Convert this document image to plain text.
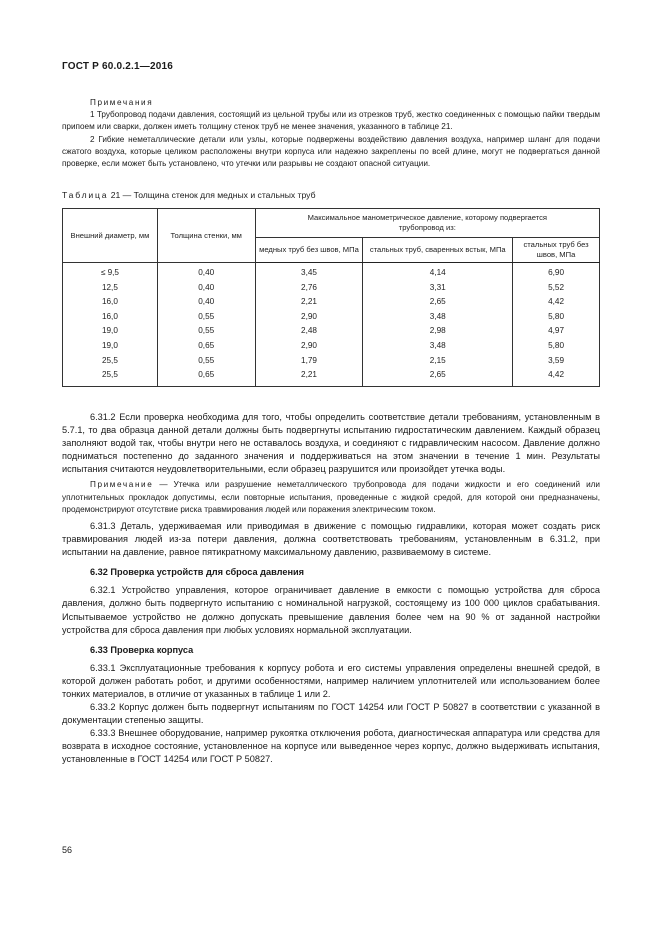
ГОСТ Р 60.0.2.1—2016

Примечания

1 Трубопровод подачи давления, состоящий из цельной трубы или из отрезков труб, жестко соединенных с помощью пайки твердым припоем или сварки, должен иметь толщину стенок труб не менее значения, указанного в таблице 21.

2 Гибкие неметаллические детали или узлы, которые подвержены воздействию давления воздуха, например шланг для подачи сжатого воздуха, которые целиком расположены внутри корпуса или надежно закреплены по всей длине, могут не подвергаться данной проверке, если может быть установлено, что утечки или разрывы не создают опасной ситуации.

Таблица 21 — Толщина стенок для медных и стальных труб
Внешний диаметр, мм	Толщина стенки, мм	Максимальное манометрическое давление, которому подвергается трубопровод из:		
		медных труб без швов, МПа	стальных труб, сваренных встык, МПа	стальных труб без швов, МПа
≤ 9,5	0,40	3,45	4,14	6,90
12,5	0,40	2,76	3,31	5,52
16,0	0,40	2,21	2,65	4,42
16,0	0,55	2,90	3,48	5,80
19,0	0,55	2,48	2,98	4,97
19,0	0,65	2,90	3,48	5,80
25,5	0,55	1,79	2,15	3,59
25,5	0,65	2,21	2,65	4,42

6.31.2 Если проверка необходима для того, чтобы определить соответствие детали требованиям, установленным в 5.7.1, то два образца данной детали должны быть подвергнуты испытанию гидростатическим давлением. Каждый образец заполняют водой так, чтобы внутри него не оставалось воздуха, и соединяют с гидравлическим насосом. Давление должно подниматься постепенно до заданного значения и поддерживаться на этом значении в течение 1 мин. Результаты испытания считаются неудовлетворительными, если образец разрушится или произойдет утечка воды.

Примечание — Утечка или разрушение неметаллического трубопровода для подачи жидкости и его соединений или уплотнительных прокладок допустимы, если повторные испытания, проведенные с жидкой средой, для которой они предназначены, продемонстрируют отсутствие риска травмирования людей или поражения электрическим током.

6.31.3 Деталь, удерживаемая или приводимая в движение с помощью гидравлики, которая может создать риск травмирования людей из-за потери давления, должна соответствовать требованиям, установленным в 6.31.2, при испытании на давление, равное пятикратному максимальному давлению, развиваемому в системе.

6.32 Проверка устройств для сброса давления

6.32.1 Устройство управления, которое ограничивает давление в емкости с помощью устройства для сброса давления, должно быть подвергнуто испытанию с номинальной нагрузкой, состоящему из 100 000 циклов срабатывания. Испытываемое устройство не должно допускать превышение давления более чем на 90 % от заданной настройки устройства для сброса давления при любых условиях нормальной эксплуатации.

6.33 Проверка корпуса

6.33.1 Эксплуатационные требования к корпусу робота и его системы управления определены внешней средой, в которой должен работать робот, и другими особенностями, например наличием уплотнителей или использованием более тонких материалов, в отличие от указанных в таблице 1 или 2.

6.33.2 Корпус должен быть подвергнут испытаниям по ГОСТ 14254 или ГОСТ Р 50827 в соответствии с указанной в документации степенью защиты.

6.33.3 Внешнее оборудование, например рукоятка отключения робота, диагностическая аппаратура или средства для возврата в исходное состояние, установленное на корпусе или выведенное через корпус, должно выдерживать испытания, установленные в ГОСТ 14254 или ГОСТ Р 50827.

56
